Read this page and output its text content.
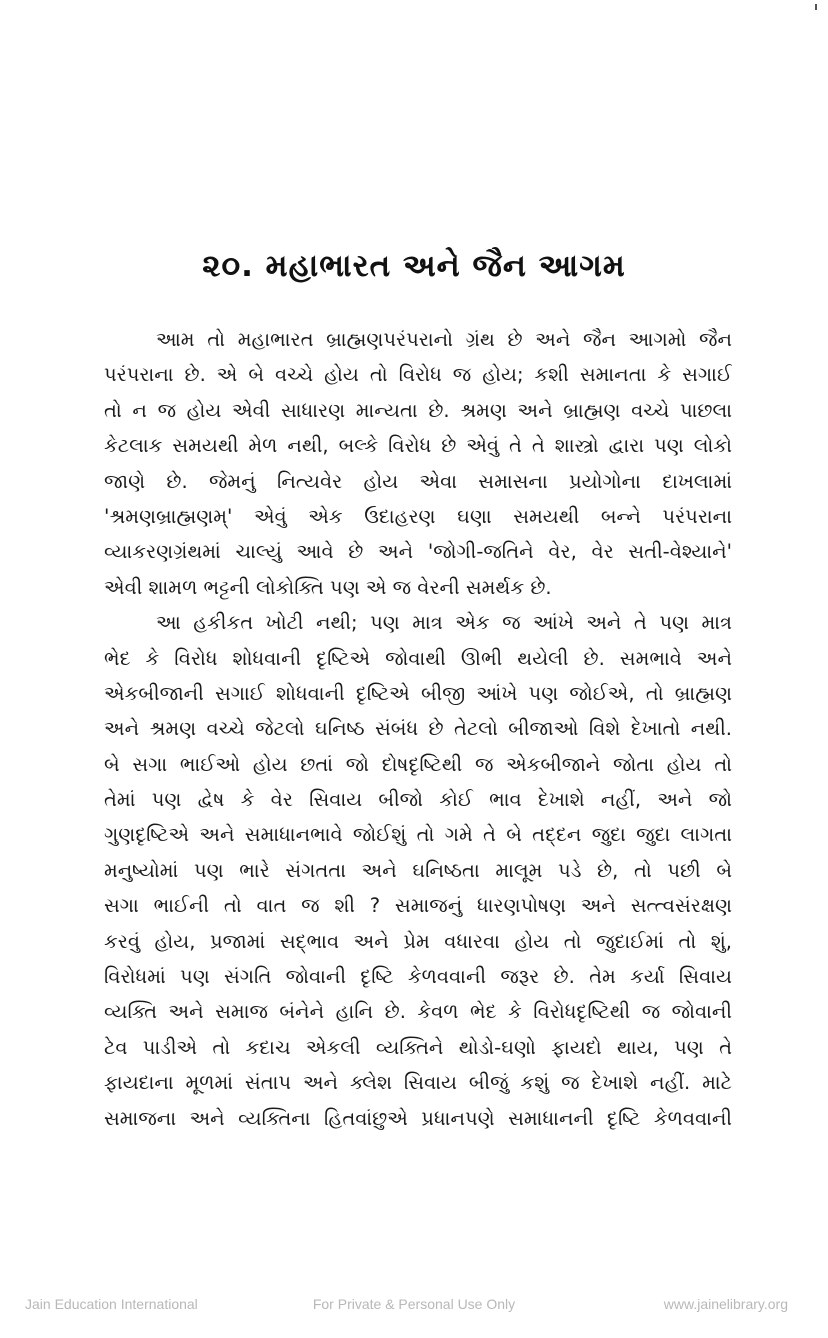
૨૦. મહાભારત અને જૈન આગમ
આમ તો મહાભારત બ્રાહ્મણપરંપરાનો ગ્રંથ છે અને જૈન આગમો જૈન
પરંપરાના છે. એ બે વચ્ચે હોય તો વિરોધ જ હોય; કશી સમાનતા કે સગાઈ
તો ન જ હોય એવી સાધારણ માન્યતા છે. શ્રમણ અને બ્રાહ્મણ વચ્ચે પાછલા
કેટલાક સમયથી મેળ નથી, બલ્કે વિરોધ છે એવું તે તે શાસ્ત્રો દ્વારા પણ લોકો
જાણે છે. જેમનું નિત્યવેર હોય એવા સમાસના પ્રયોગોના દાખલામાં
'શ્રમણબ્રાહ્મણમ્' એવું એક ઉદાહરણ ઘણા સમયથી બન્ને પરંપરાના
વ્યાકરણગ્રંથમાં ચાલ્યું આવે છે અને 'જોગી-જતિને વેર, વેર સતી-વેશ્યાને'
એવી શામળ ભટ્ટની લોકોક્તિ પણ એ જ વેરની સમર્થક છે.
આ હકીકત ખોટી નથી; પણ માત્ર એક જ આંખે અને તે પણ માત્ર
ભેદ કે વિરોધ શોધવાની દૃષ્ટિએ જોવાથી ઊભી થયેલી છે. સમભાવે અને
એકબીજાની સગાઈ શોધવાની દૃષ્ટિએ બીજી આંખે પણ જોઈએ, તો બ્રાહ્મણ
અને શ્રમણ વચ્ચે જેટલો ઘનિષ્ઠ સંબંધ છે તેટલો બીજાઓ વિશે દેખાતો નથી.
બે સગા ભાઈઓ હોય છતાં જો દોષદૃષ્ટિથી જ એકબીજાને જોતા હોય તો
તેમાં પણ દ્વેષ કે વેર સિવાય બીજો કોઈ ભાવ દેખાશે નહીં, અને જો
ગુણદૃષ્ટિએ અને સમાધાનભાવે જોઈશું તો ગમે તે બે તદ્દન જુદા જુદા લાગતા
મનુષ્યોમાં પણ ભારે સંગતતા અને ઘનિષ્ઠતા માલૂમ પડે છે, તો પછી બે
સગા ભાઈની તો વાત જ શી ? સમાજનું ધારણપોષણ અને સત્ત્વસંરક્ષણ
કરવું હોય, પ્રજામાં સદ્ભાવ અને પ્રેમ વધારવા હોય તો જુદાઈમાં તો શું,
વિરોધમાં પણ સંગતિ જોવાની દૃષ્ટિ કેળવવાની જરૂર છે. તેમ કર્યા સિવાય
વ્યક્તિ અને સમાજ બંનેને હાનિ છે. કેવળ ભેદ કે વિરોધદૃષ્ટિથી જ જોવાની
ટેવ પાડીએ તો કદાચ એકલી વ્યક્તિને થોડો-ઘણો ફાયદો થાય, પણ તે
ફાયદાના મૂળમાં સંતાપ અને ક્લેશ સિવાય બીજું કશું જ દેખાશે નહીં. માટે
સમાજના અને વ્યક્તિના હિતવાંછુએ પ્રધાનપણે સમાધાનની દૃષ્ટિ કેળવવાની
Jain Education International	For Private & Personal Use Only	www.jainelibrary.org
